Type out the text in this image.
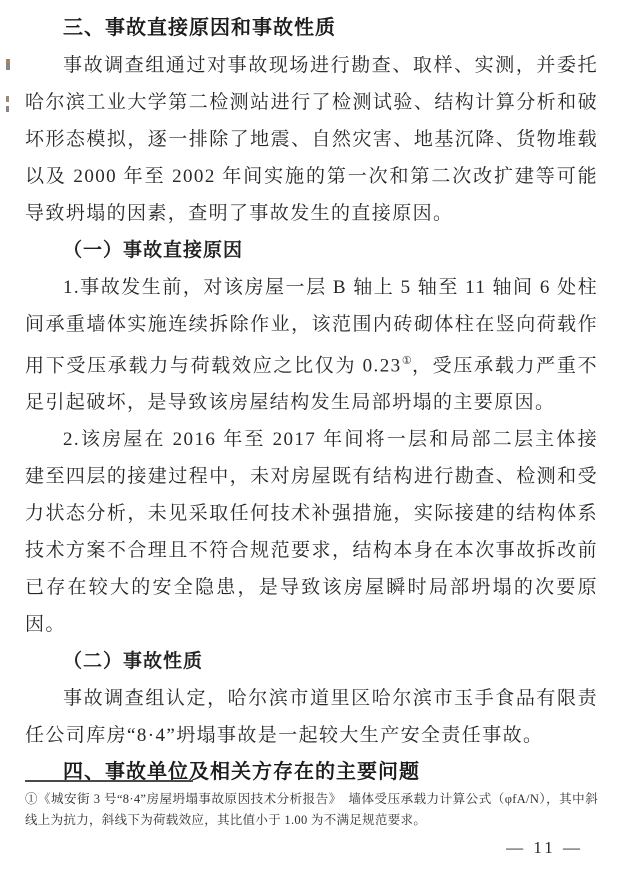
三、事故直接原因和事故性质

事故调查组通过对事故现场进行勘查、取样、实测，并委托哈尔滨工业大学第二检测站进行了检测试验、结构计算分析和破坏形态模拟，逐一排除了地震、自然灾害、地基沉降、货物堆载以及 2000 年至 2002 年间实施的第一次和第二次改扩建等可能导致坍塌的因素，查明了事故发生的直接原因。

（一）事故直接原因

1.事故发生前，对该房屋一层 B 轴上 5 轴至 11 轴间 6 处柱间承重墙体实施连续拆除作业，该范围内砖砌体柱在竖向荷载作用下受压承载力与荷载效应之比仅为 0.23①，受压承载力严重不足引起破坏，是导致该房屋结构发生局部坍塌的主要原因。

2.该房屋在 2016 年至 2017 年间将一层和局部二层主体接建至四层的接建过程中，未对房屋既有结构进行勘查、检测和受力状态分析，未见采取任何技术补强措施，实际接建的结构体系技术方案不合理且不符合规范要求，结构本身在本次事故拆改前已存在较大的安全隐患，是导致该房屋瞬时局部坍塌的次要原因。

（二）事故性质

事故调查组认定，哈尔滨市道里区哈尔滨市玉手食品有限责任公司库房“8·4”坍塌事故是一起较大生产安全责任事故。

四、事故单位及相关方存在的主要问题

①《城安街 3 号“8·4”房屋坍塌事故原因技术分析报告》　墙体受压承载力计算公式（φfA/N），其中斜线上为抗力，斜线下为荷载效应，其比值小于 1.00 为不满足规范要求。

— 11 —
